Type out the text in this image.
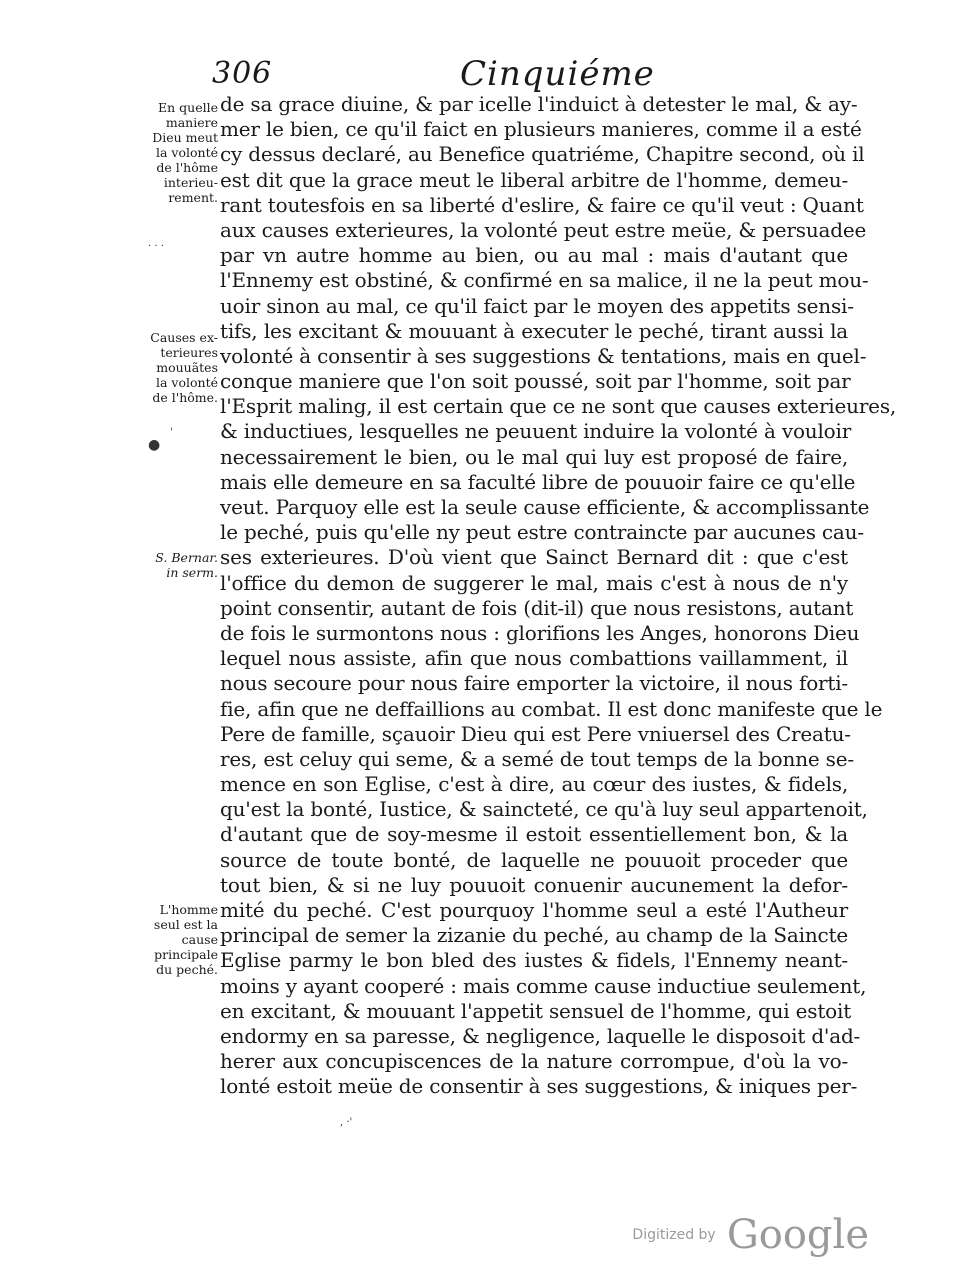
306	Cinquiéme
En quelle
maniere
Dieu meut
la volonté
de l'hôme
interieu-
rement.
Causes ex-
terieures
mouuãtes
la volonté
de l'hôme.
S. Bernar.
in serm.
L'homme
seul est la
cause
principale
du peché.
· · ·
●
'
, ·'
de sa grace diuine, & par icelle l'induict à detester le mal, & ay-
mer le bien, ce qu'il faict en plusieurs manieres, comme il a esté
cy dessus declaré, au Benefice quatriéme, Chapitre second, où il
est dit que la grace meut le liberal arbitre de l'homme, demeu-
rant toutesfois en sa liberté d'eslire, & faire ce qu'il veut : Quant
aux causes exterieures, la volonté peut estre meüe, & persuadee
par vn autre homme au bien, ou au mal : mais d'autant que
l'Ennemy est obstiné, & confirmé en sa malice, il ne la peut mou-
uoir sinon au mal, ce qu'il faict par le moyen des appetits sensi-
tifs, les excitant & mouuant à executer le peché, tirant aussi la
volonté à consentir à ses suggestions & tentations, mais en quel-
conque maniere que l'on soit poussé, soit par l'homme, soit par
l'Esprit maling, il est certain que ce ne sont que causes exterieures,
& inductiues, lesquelles ne peuuent induire la volonté à vouloir
necessairement le bien, ou le mal qui luy est proposé de faire,
mais elle demeure en sa faculté libre de pouuoir faire ce qu'elle
veut. Parquoy elle est la seule cause efficiente, & accomplissante
le peché, puis qu'elle ny peut estre contraincte par aucunes cau-
ses exterieures. D'où vient que Sainct Bernard dit : que c'est
l'office du demon de suggerer le mal, mais c'est à nous de n'y
point consentir, autant de fois (dit-il) que nous resistons, autant
de fois le surmontons nous : glorifions les Anges, honorons Dieu
lequel nous assiste, afin que nous combattions vaillamment, il
nous secoure pour nous faire emporter la victoire, il nous forti-
fie, afin que ne deffaillions au combat. Il est donc manifeste que le
Pere de famille, sçauoir Dieu qui est Pere vniuersel des Creatu-
res, est celuy qui seme, & a semé de tout temps de la bonne se-
mence en son Eglise, c'est à dire, au cœur des iustes, & fidels,
qu'est la bonté, Iustice, & saincteté, ce qu'à luy seul appartenoit,
d'autant que de soy-mesme il estoit essentiellement bon, & la
source de toute bonté, de laquelle ne pouuoit proceder que
tout bien, & si ne luy pouuoit conuenir aucunement la defor-
mité du peché. C'est pourquoy l'homme seul a esté l'Autheur
principal de semer la zizanie du peché, au champ de la Saincte
Eglise parmy le bon bled des iustes & fidels, l'Ennemy neant-
moins y ayant cooperé : mais comme cause inductiue seulement,
en excitant, & mouuant l'appetit sensuel de l'homme, qui estoit
endormy en sa paresse, & negligence, laquelle le disposoit d'ad-
herer aux concupiscences de la nature corrompue, d'où la vo-
lonté estoit meüe de consentir à ses suggestions, & iniques per-
Digitized by Google
